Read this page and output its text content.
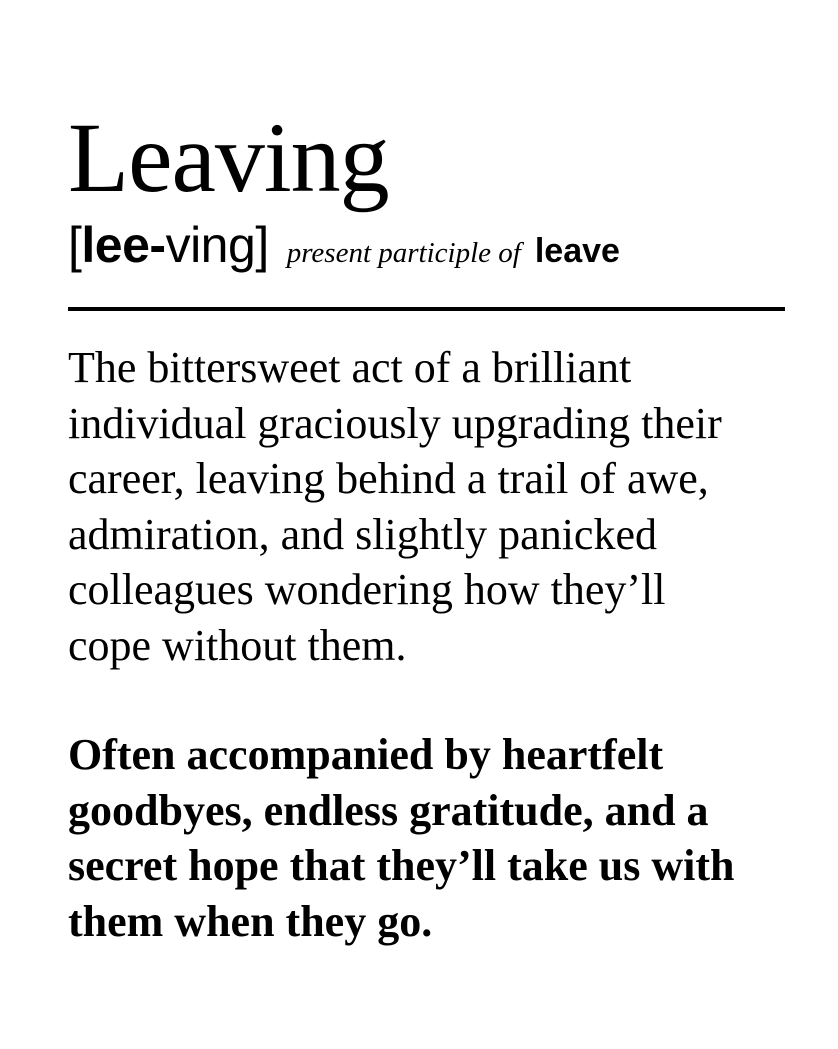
Leaving
[lee-ving] present participle of leave

The bittersweet act of a brilliant
individual graciously upgrading their
career, leaving behind a trail of awe,
admiration, and slightly panicked
colleagues wondering how they’ll
cope without them.

Often accompanied by heartfelt
goodbyes, endless gratitude, and a
secret hope that they’ll take us with
them when they go.
